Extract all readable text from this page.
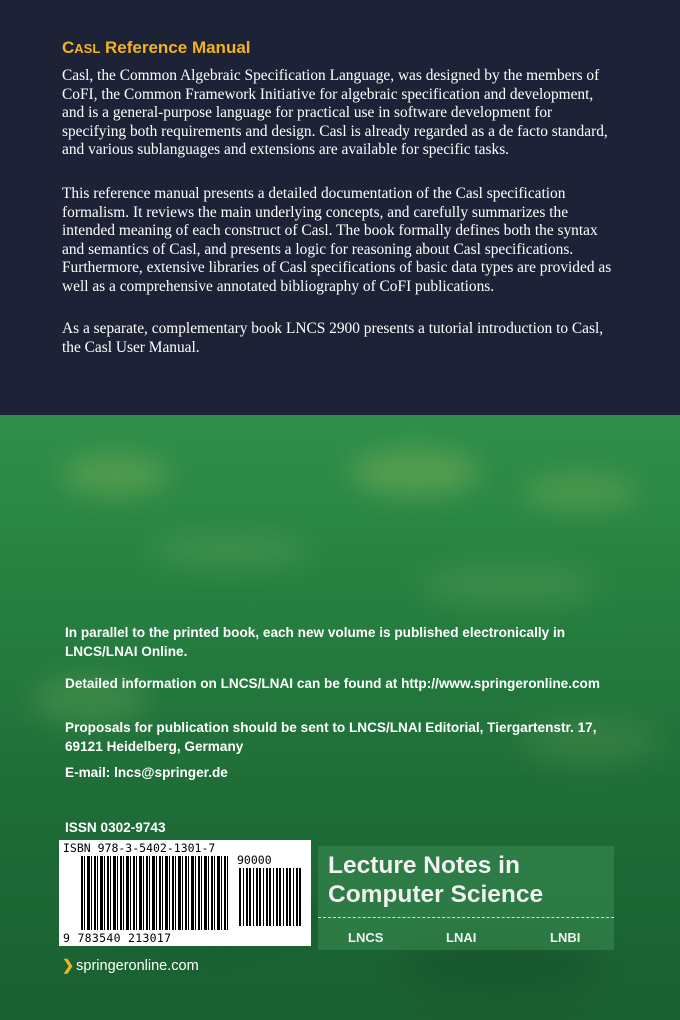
CASL Reference Manual

Casl, the Common Algebraic Specification Language, was designed by the members of CoFI, the Common Framework Initiative for algebraic specification and development, and is a general-purpose language for practical use in software development for specifying both requirements and design. Casl is already regarded as a de facto standard, and various sublanguages and extensions are available for specific tasks.

This reference manual presents a detailed documentation of the Casl specification formalism. It reviews the main underlying concepts, and carefully summarizes the intended meaning of each construct of Casl. The book formally defines both the syntax and semantics of Casl, and presents a logic for reasoning about Casl specifications. Furthermore, extensive libraries of Casl specifications of basic data types are provided as well as a comprehensive annotated bibliography of CoFI publications.

As a separate, complementary book LNCS 2900 presents a tutorial introduction to Casl, the Casl User Manual.

In parallel to the printed book, each new volume is published electronically in LNCS/LNAI Online.

Detailed information on LNCS/LNAI can be found at http://www.springeronline.com

Proposals for publication should be sent to LNCS/LNAI Editorial, Tiergartenstr. 17, 69121 Heidelberg, Germany

E-mail: lncs@springer.de

ISSN 0302-9743

ISBN 978-3-5402-1301-7
90000
9 783540 213017

Lecture Notes in
Computer Science

LNCS	LNAI	LNBI
❯ springeronline.com
